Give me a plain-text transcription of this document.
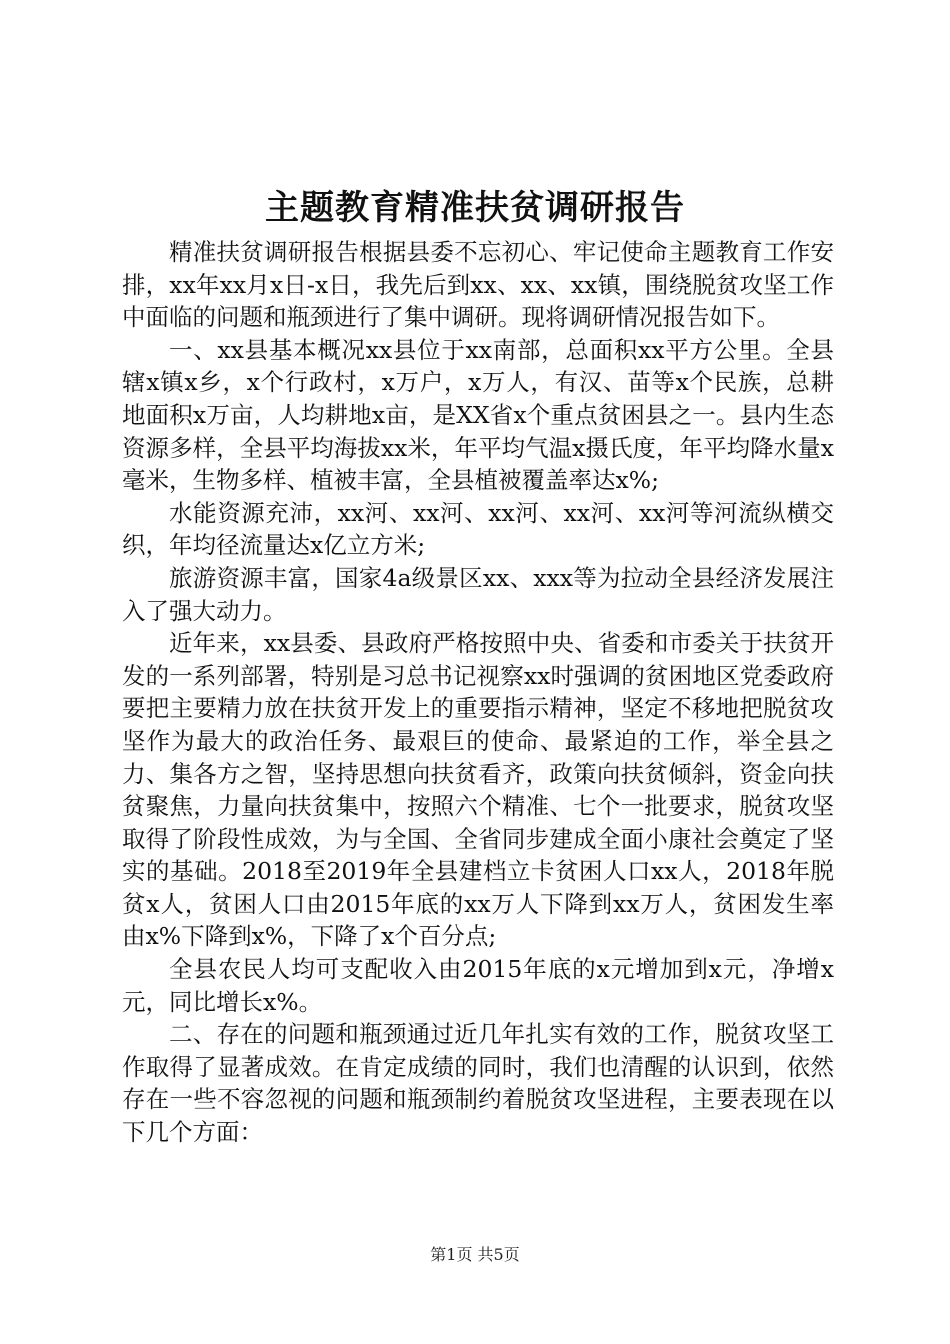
主题教育精准扶贫调研报告

精准扶贫调研报告根据县委不忘初心、牢记使命主题教育工作安排，xx年xx月x日-x日，我先后到xx、xx、xx镇，围绕脱贫攻坚工作中面临的问题和瓶颈进行了集中调研。现将调研情况报告如下。

一、xx县基本概况xx县位于xx南部，总面积xx平方公里。全县辖x镇x乡，x个行政村，x万户，x万人，有汉、苗等x个民族，总耕地面积x万亩，人均耕地x亩，是XX省x个重点贫困县之一。县内生态资源多样，全县平均海拔xx米，年平均气温x摄氏度，年平均降水量x毫米，生物多样、植被丰富，全县植被覆盖率达x%;

水能资源充沛，xx河、xx河、xx河、xx河、xx河等河流纵横交织，年均径流量达x亿立方米;

旅游资源丰富，国家4a级景区xx、xxx等为拉动全县经济发展注入了强大动力。

近年来，xx县委、县政府严格按照中央、省委和市委关于扶贫开发的一系列部署，特别是习总书记视察xx时强调的贫困地区党委政府要把主要精力放在扶贫开发上的重要指示精神，坚定不移地把脱贫攻坚作为最大的政治任务、最艰巨的使命、最紧迫的工作，举全县之力、集各方之智，坚持思想向扶贫看齐，政策向扶贫倾斜，资金向扶贫聚焦，力量向扶贫集中，按照六个精准、七个一批要求，脱贫攻坚取得了阶段性成效，为与全国、全省同步建成全面小康社会奠定了坚实的基础。2018至2019年全县建档立卡贫困人口xx人，2018年脱贫x人，贫困人口由2015年底的xx万人下降到xx万人，贫困发生率由x%下降到x%，下降了x个百分点;

全县农民人均可支配收入由2015年底的x元增加到x元，净增x元，同比增长x%。

二、存在的问题和瓶颈通过近几年扎实有效的工作，脱贫攻坚工作取得了显著成效。在肯定成绩的同时，我们也清醒的认识到，依然存在一些不容忽视的问题和瓶颈制约着脱贫攻坚进程，主要表现在以下几个方面：

第1页 共5页
